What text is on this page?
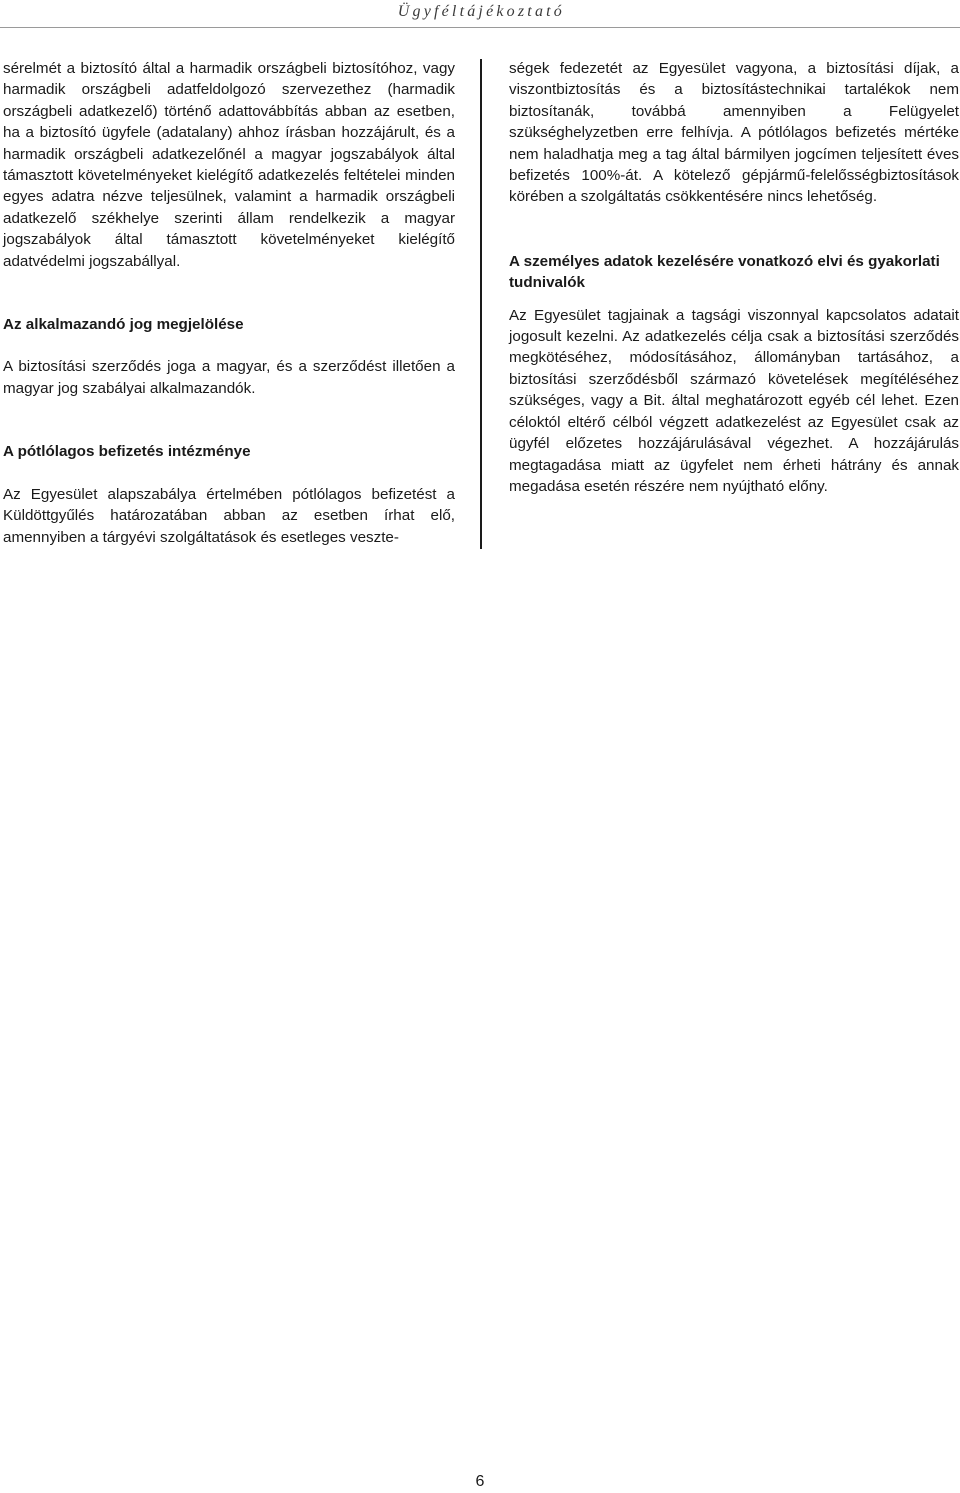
Ügyféltájékoztató

sérelmét a biztosító által a harmadik országbeli biztosítóhoz, vagy harmadik országbeli adatfeldolgozó szervezethez (harmadik országbeli adatkezelő) történő adattovábbítás abban az esetben, ha a biztosító ügyfele (adatalany) ahhoz írásban hozzájárult, és a harmadik országbeli adatkezelőnél a magyar jogszabályok által támasztott követelményeket kielégítő adatkezelés feltételei minden egyes adatra nézve teljesülnek, valamint a harmadik országbeli adatkezelő székhelye szerinti állam rendelkezik a magyar jogszabályok által támasztott követelményeket kielégítő adatvédelmi jogszabállyal.

Az alkalmazandó jog megjelölése

A biztosítási szerződés joga a magyar, és a szerződést illetően a magyar jog szabályai alkalmazandók.

A pótlólagos befizetés intézménye

Az Egyesület alapszabálya értelmében pótlólagos befizetést a Küldöttgyűlés határozatában abban az esetben írhat elő, amennyiben a tárgyévi szolgáltatások és esetleges veszte-

ségek fedezetét az Egyesület vagyona, a biztosítási díjak, a viszontbiztosítás és a biztosítástechnikai tartalékok nem biztosítanák, továbbá amennyiben a Felügyelet szükséghelyzetben erre felhívja. A pótlólagos befizetés mértéke nem haladhatja meg a tag által bármilyen jogcímen teljesített éves befizetés 100%-át. A kötelező gépjármű-felelősségbiztosítások körében a szolgáltatás csökkentésére nincs lehetőség.

A személyes adatok kezelésére vonatkozó elvi és gyakorlati tudnivalók

Az Egyesület tagjainak a tagsági viszonnyal kapcsolatos adatait jogosult kezelni. Az adatkezelés célja csak a biztosítási szerződés megkötéséhez, módosításához, állományban tartásához, a biztosítási szerződésből származó követelések megítéléséhez szükséges, vagy a Bit. által meghatározott egyéb cél lehet. Ezen céloktól eltérő célból végzett adatkezelést az Egyesület csak az ügyfél előzetes hozzájárulásával végezhet. A hozzájárulás megtagadása miatt az ügyfelet nem érheti hátrány és annak megadása esetén részére nem nyújtható előny.

6
